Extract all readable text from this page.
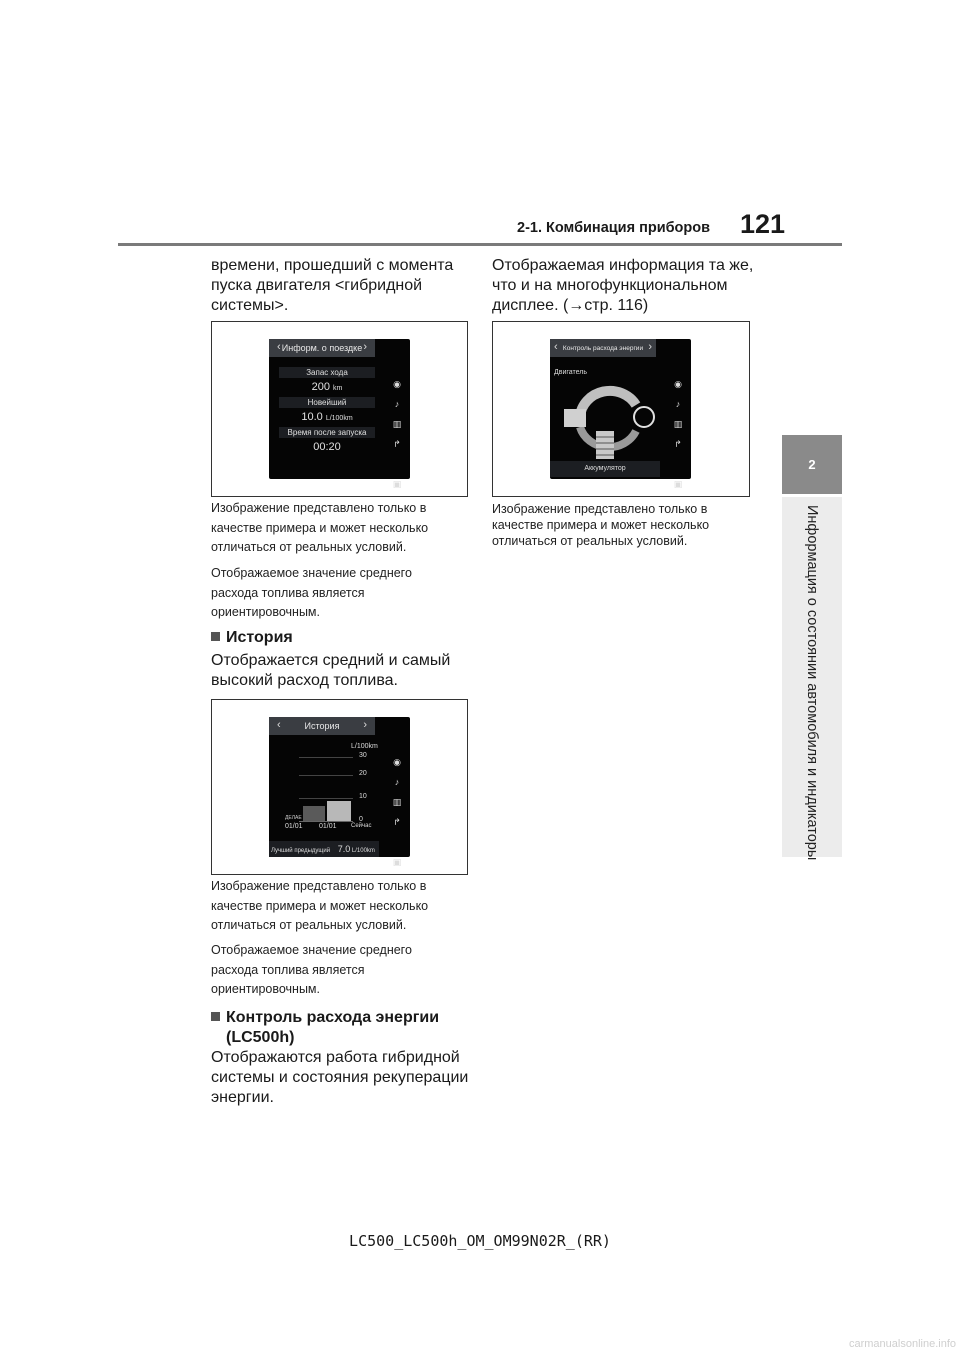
2-1. Комбинация приборов 121
2
Информация о состоянии автомобиля и индикаторы
времени, прошедший с момента
пуска двигателя <гибридной
системы>.
‹ Информ. о поездке ›
Запас хода
200 km
Новейший
10.0 L/100km
Время после запуска
00:20
◉
♪
▥
↱
▣
Изображение представлено только в
качестве примера и может несколько
отличаться от реальных условий.
Отображаемое значение среднего
расхода топлива является
ориентировочным.
История
Отображается средний и самый
высокий расход топлива.
‹	История ›
L/100km
30
20
10
0
ДЕЛАЕ
01/01 01/01 Сейчас
Лучший предыдущий 7.0 L/100km
◉
♪
▥
↱
▣
Изображение представлено только в
качестве примера и может несколько
отличаться от реальных условий.
Отображаемое значение среднего
расхода топлива является
ориентировочным.
Контроль расхода энергии
(LC500h)
Отображаются работа гибридной
системы и состояния рекуперации
энергии.
Отображаемая информация та же,
что и на многофункциональном
дисплее. (→стр. 116)
‹ Контроль расхода энергии ›
Двигатель
Аккумулятор
◉
♪
▥
↱
▣
Изображение представлено только в
качестве примера и может несколько
отличаться от реальных условий.
LC500_LC500h_OM_OM99N02R_(RR)
carmanualsonline.info
